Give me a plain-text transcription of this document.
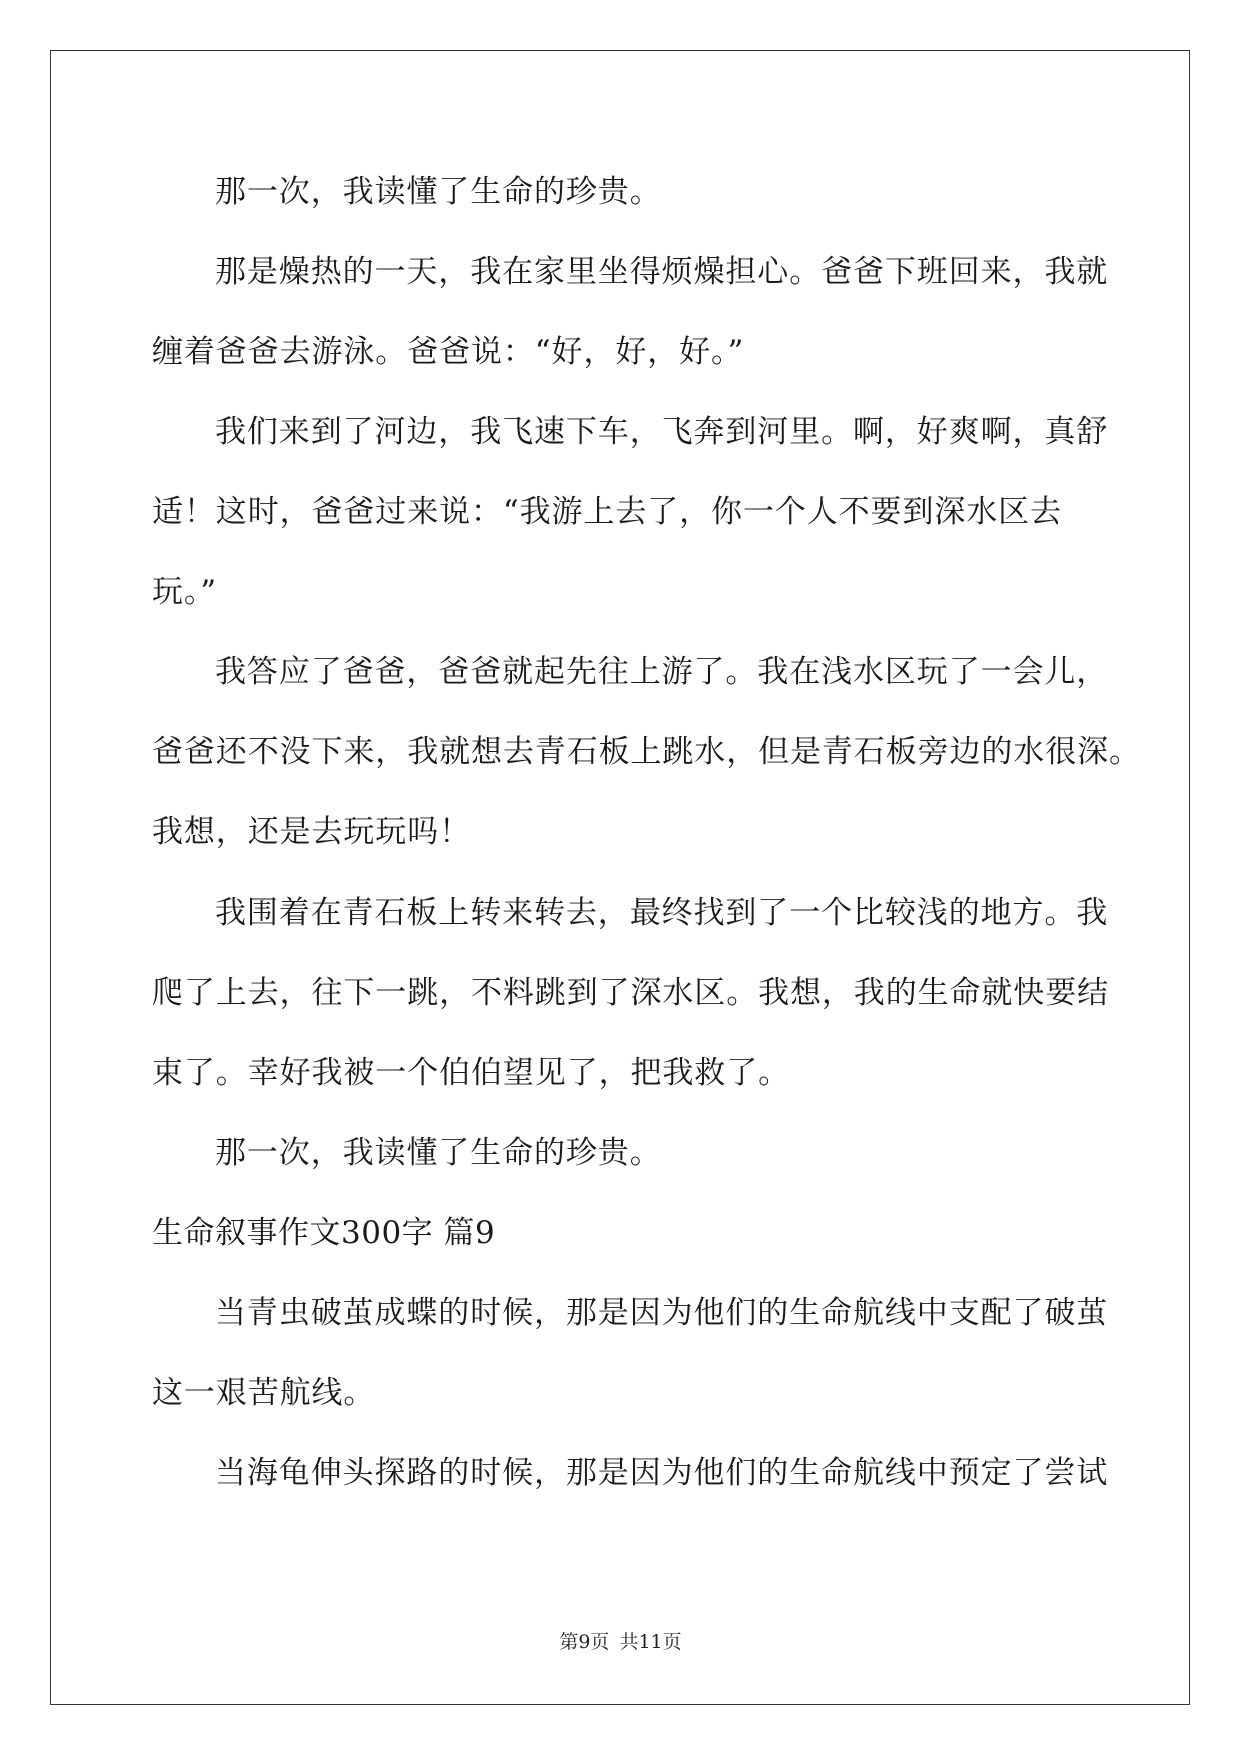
那一次，我读懂了生命的珍贵。
那是燥热的一天，我在家里坐得烦燥担心。爸爸下班回来，我就
缠着爸爸去游泳。爸爸说：“好，好，好。”
我们来到了河边，我飞速下车，飞奔到河里。啊，好爽啊，真舒
适！这时，爸爸过来说：“我游上去了，你一个人不要到深水区去
玩。”
我答应了爸爸，爸爸就起先往上游了。我在浅水区玩了一会儿，
爸爸还不没下来，我就想去青石板上跳水，但是青石板旁边的水很深。
我想，还是去玩玩吗！
我围着在青石板上转来转去，最终找到了一个比较浅的地方。我
爬了上去，往下一跳，不料跳到了深水区。我想，我的生命就快要结
束了。幸好我被一个伯伯望见了，把我救了。
那一次，我读懂了生命的珍贵。
生命叙事作文300字 篇9
当青虫破茧成蝶的时候，那是因为他们的生命航线中支配了破茧
这一艰苦航线。
当海龟伸头探路的时候，那是因为他们的生命航线中预定了尝试
第9页 共11页
